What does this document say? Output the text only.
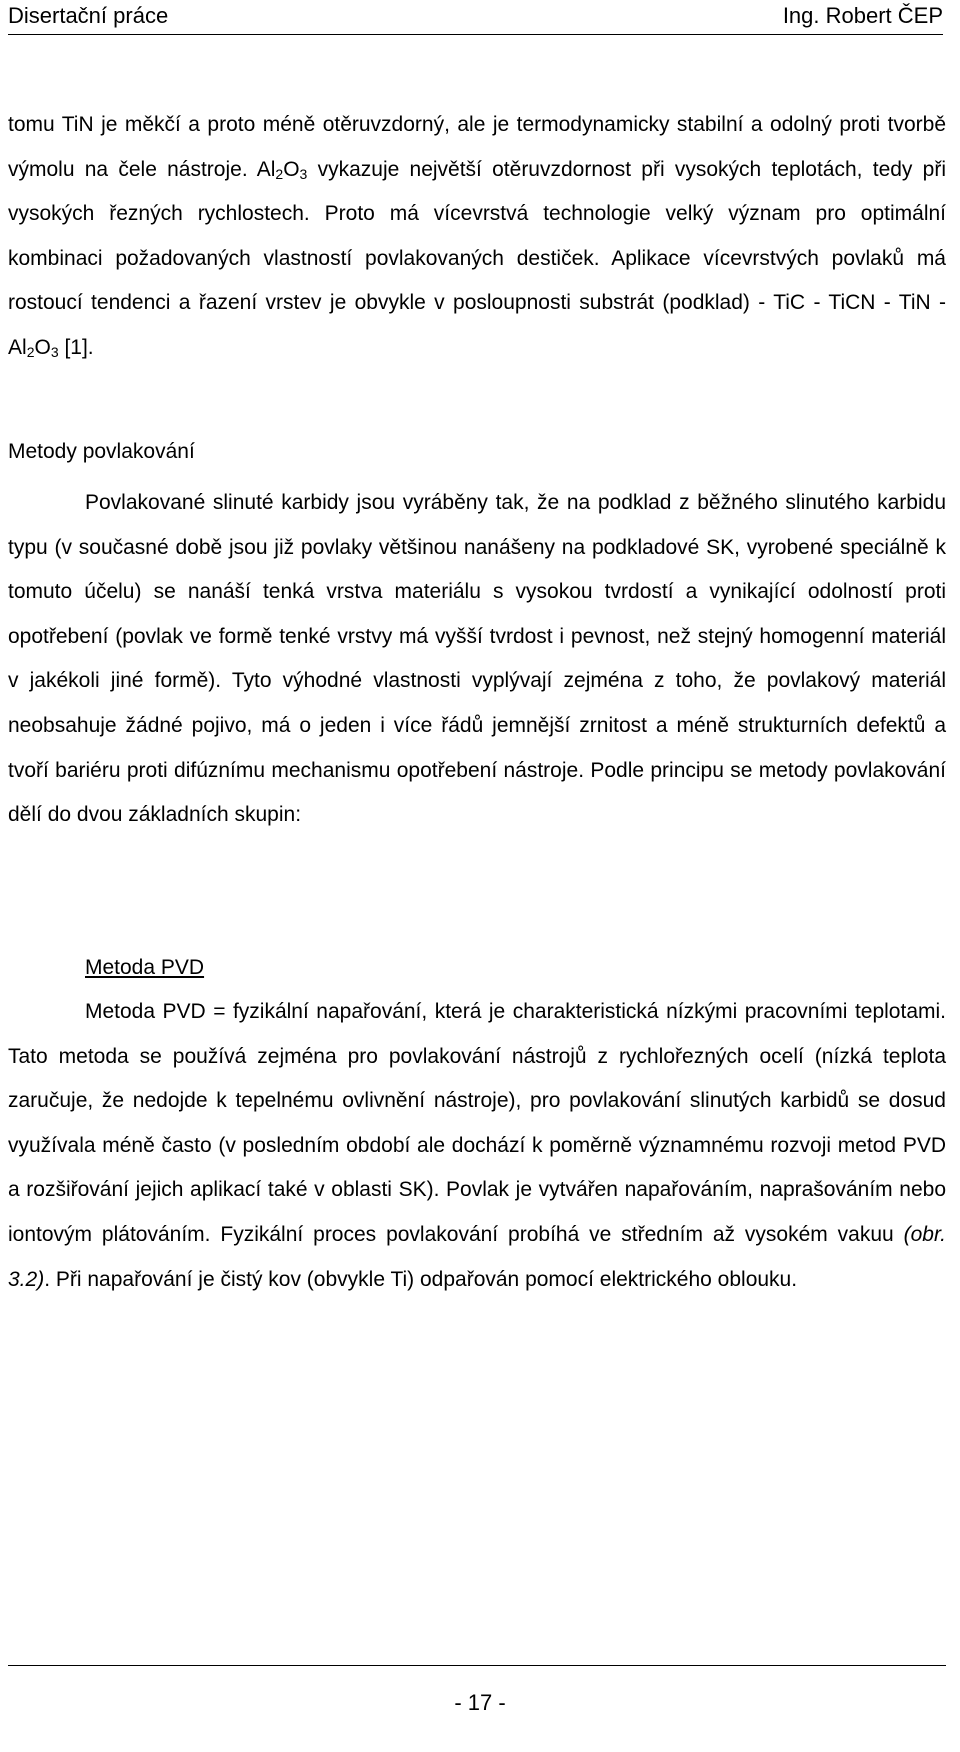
Disertační práce	Ing. Robert ČEP

tomu TiN je měkčí a proto méně otěruvzdorný, ale je termodynamicky stabilní a odolný proti tvorbě výmolu na čele nástroje. $Al_2O_3$ vykazuje největší otěruvzdornost při vysokých teplotách, tedy při vysokých řezných rychlostech. Proto má vícevrstvá technologie velký význam pro optimální kombinaci požadovaných vlastností povlakovaných destiček. Aplikace vícevrstvých povlaků má rostoucí tendenci a řazení vrstev je obvykle v posloupnosti substrát (podklad) - TiC - TiCN - TiN - $Al_2O_3$ [1].

Metody povlakování

Povlakované slinuté karbidy jsou vyráběny tak, že na podklad z běžného slinutého karbidu typu (v současné době jsou již povlaky většinou nanášeny na podkladové SK, vyrobené speciálně k tomuto účelu) se nanáší tenká vrstva materiálu s vysokou tvrdostí a vynikající odolností proti opotřebení (povlak ve formě tenké vrstvy má vyšší tvrdost i pevnost, než stejný homogenní materiál v jakékoli jiné formě). Tyto výhodné vlastnosti vyplývají zejména z toho, že povlakový materiál neobsahuje žádné pojivo, má o jeden i více řádů jemnější zrnitost a méně strukturních defektů a tvoří bariéru proti difúznímu mechanismu opotřebení nástroje. Podle principu se metody povlakování dělí do dvou základních skupin:

Metoda PVD

Metoda PVD = fyzikální napařování, která je charakteristická nízkými pracovními teplotami. Tato metoda se používá zejména pro povlakování nástrojů z rychlořezných ocelí (nízká teplota zaručuje, že nedojde k tepelnému ovlivnění nástroje), pro povlakování slinutých karbidů se dosud využívala méně často (v posledním období ale dochází k poměrně významnému rozvoji metod PVD a rozšiřování jejich aplikací také v oblasti SK). Povlak je vytvářen napařováním, naprašováním nebo iontovým plátováním. Fyzikální proces povlakování probíhá ve středním až vysokém vakuu (obr. 3.2). Při napařování je čistý kov (obvykle Ti) odpařován pomocí elektrického oblouku.

- 17 -
